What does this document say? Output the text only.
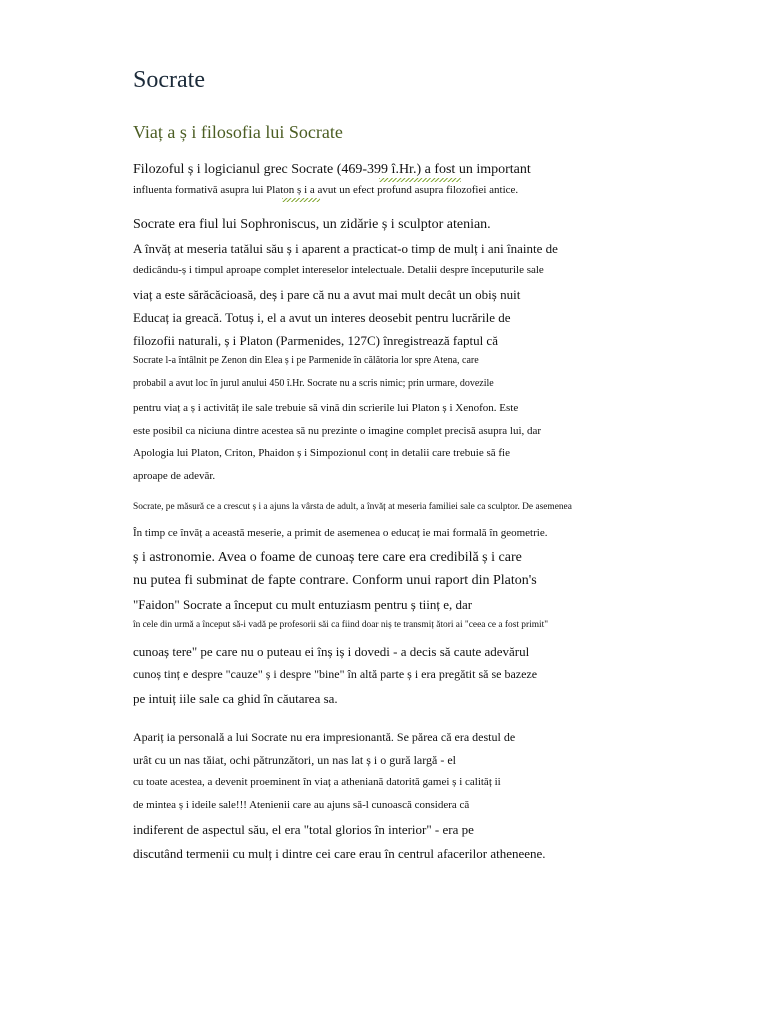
Socrate
Viaț a ș i filosofia lui Socrate
Filozoful ș i logicianul grec Socrate (469-399 î.Hr.) a fost un important
influenta formativă asupra lui Platon ș i a avut un efect profund asupra filozofiei antice.
Socrate era fiul lui Sophroniscus, un zidărie ș i sculptor atenian.
A învăț at meseria tatălui său ș i aparent a practicat-o timp de mulț i ani înainte de
dedicându-ș i timpul aproape complet intereselor intelectuale. Detalii despre începuturile sale
viaț a este sărăcăcioasă, deș i pare că nu a avut mai mult decât un obiș nuit
Educaț ia greacă. Totuș i, el a avut un interes deosebit pentru lucrările de
filozofii naturali, ș i Platon (Parmenides, 127C) înregistrează faptul că
Socrate l-a întâlnit pe Zenon din Elea ș i pe Parmenide în călătoria lor spre Atena, care
probabil a avut loc în jurul anului 450 î.Hr. Socrate nu a scris nimic; prin urmare, dovezile
pentru viaț a ș i activităț ile sale trebuie să vină din scrierile lui Platon ș i Xenofon. Este
este posibil ca niciuna dintre acestea să nu prezinte o imagine complet precisă asupra lui, dar
Apologia lui Platon, Criton, Phaidon ș i Simpozionul conț in detalii care trebuie să fie
aproape de adevăr.
Socrate, pe măsură ce a crescut ș i a ajuns la vârsta de adult, a învăț at meseria familiei sale ca sculptor. De asemenea
În timp ce învăț a această meserie, a primit de asemenea o educaț ie mai formală în geometrie.
ș i astronomie. Avea o foame de cunoaș tere care era credibilă ș i care
nu putea fi subminat de fapte contrare. Conform unui raport din Platon's
"Faidon" Socrate a început cu mult entuziasm pentru ș tiinț e, dar
în cele din urmă a început să-i vadă pe profesorii săi ca fiind doar niș te transmiț ători ai "ceea ce a fost primit"
cunoaș tere" pe care nu o puteau ei înș iș i dovedi - a decis să caute adevărul
cunoș tinț e despre "cauze" ș i despre "bine" în altă parte ș i era pregătit să se bazeze
pe intuiț iile sale ca ghid în căutarea sa.
Apariț ia personală a lui Socrate nu era impresionantă. Se părea că era destul de
urât cu un nas tăiat, ochi pătrunzători, un nas lat ș i o gură largă - el
cu toate acestea, a devenit proeminent în viaț a atheniană datorită gamei ș i calităț ii
de mintea ș i ideile sale!!! Atenienii care au ajuns să-l cunoască considera că
indiferent de aspectul său, el era "total glorios în interior" - era pe
discutând termenii cu mulț i dintre cei care erau în centrul afacerilor atheneene.
